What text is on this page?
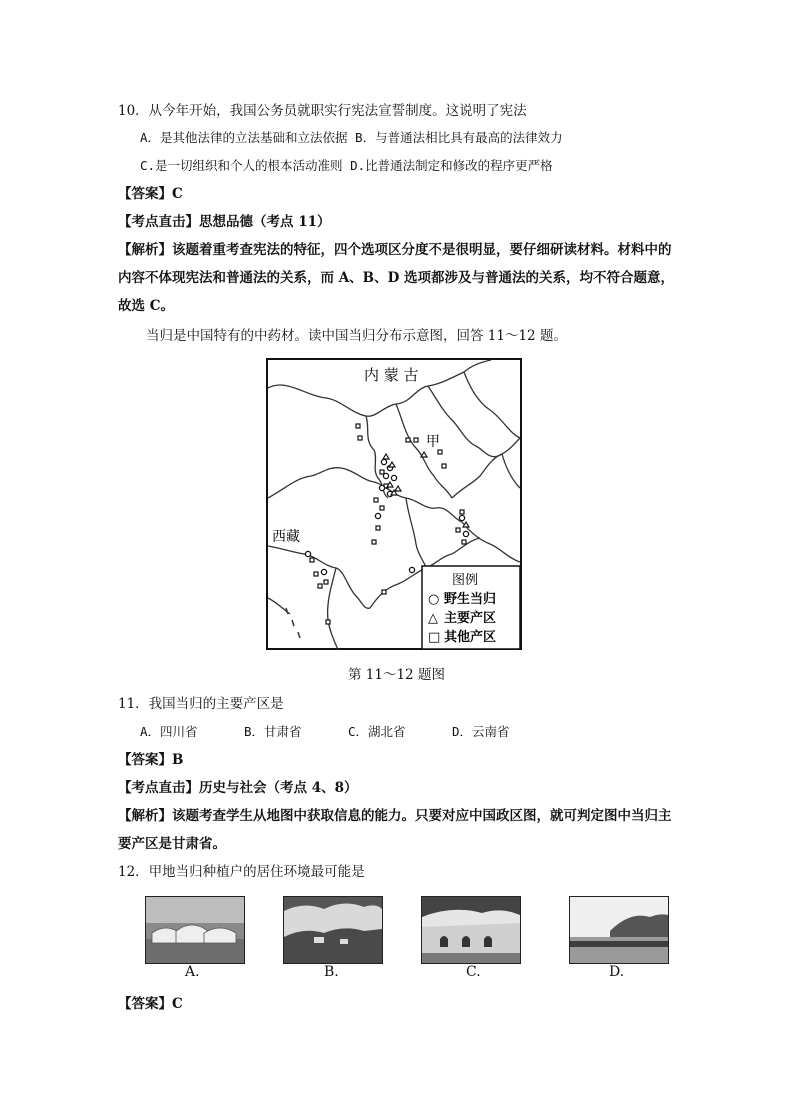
10．从今年开始，我国公务员就职实行宪法宣誓制度。这说明了宪法
A．是其他法律的立法基础和立法依据 B．与普通法相比具有最高的法律效力
C.是一切组织和个人的根本活动准则 D.比普通法制定和修改的程序更严格
【答案】C
【考点直击】思想品德（考点 11）
【解析】该题着重考查宪法的特征，四个选项区分度不是很明显，要仔细研读材料。材料中的内容不体现宪法和普通法的关系，而 A、B、D 选项都涉及与普通法的关系，均不符合题意，故选 C。
当归是中国特有的中药材。读中国当归分布示意图，回答 11～12 题。
内 蒙 古
西藏
甲
图例
○ 野生当归
△ 主要产区
□ 其他产区
第 11～12 题图
11．我国当归的主要产区是
A．四川省	B．甘肃省	C．湖北省	D．云南省
【答案】B
【考点直击】历史与社会（考点 4、8）
【解析】该题考查学生从地图中获取信息的能力。只要对应中国政区图，就可判定图中当归主要产区是甘肃省。
12．甲地当归种植户的居住环境最可能是
A.	B.	C.	D.
【答案】C
